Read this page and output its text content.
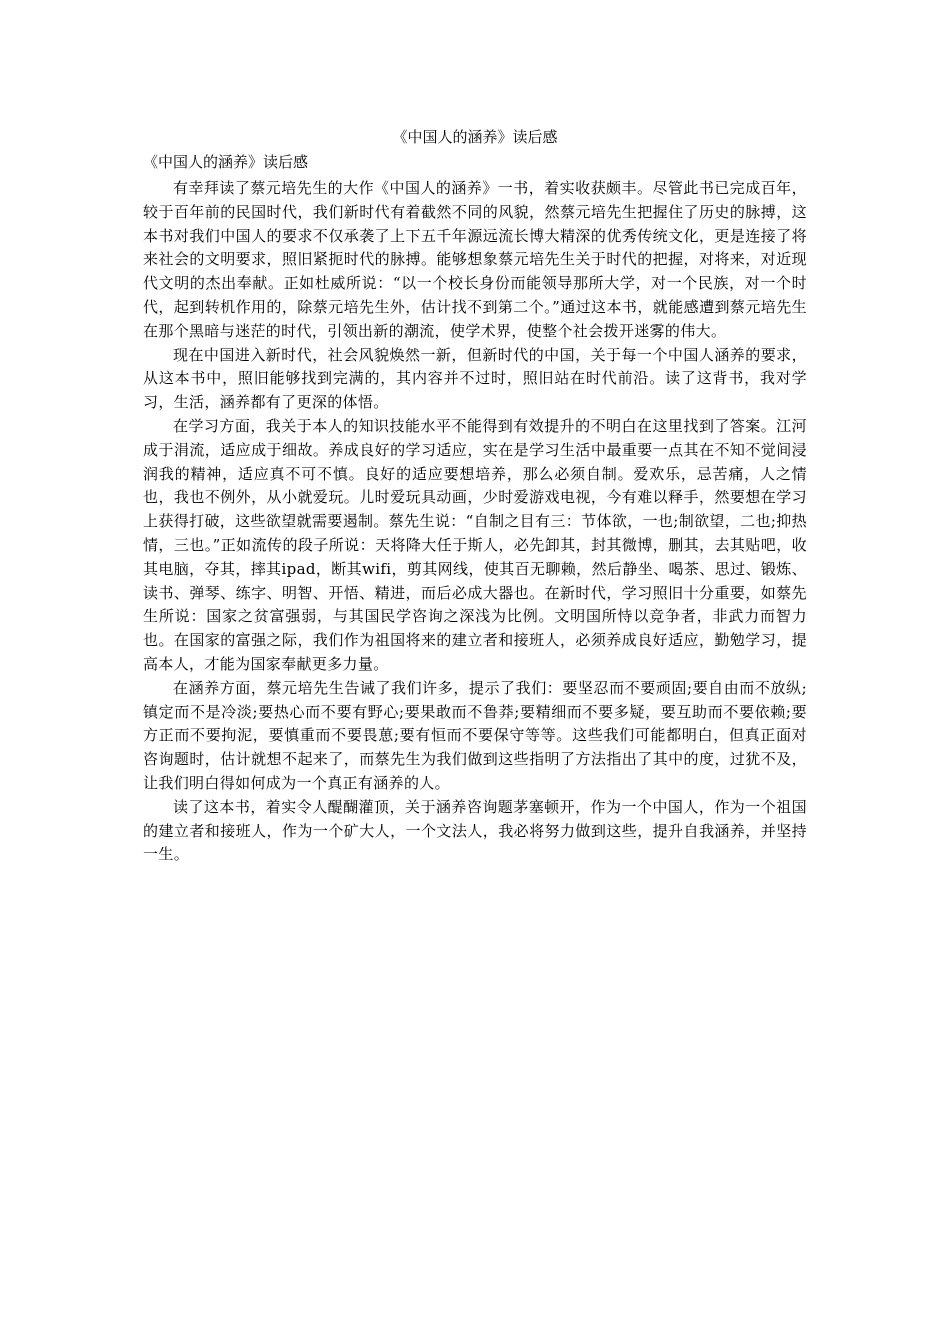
《中国人的涵养》读后感
《中国人的涵养》读后感

有幸拜读了蔡元培先生的大作《中国人的涵养》一书，着实收获颇丰。尽管此书已完成百年，较于百年前的民国时代，我们新时代有着截然不同的风貌，然蔡元培先生把握住了历史的脉搏，这本书对我们中国人的要求不仅承袭了上下五千年源远流长博大精深的优秀传统文化，更是连接了将来社会的文明要求，照旧紧扼时代的脉搏。能够想象蔡元培先生关于时代的把握，对将来，对近现代文明的杰出奉献。正如杜威所说：“以一个校长身份而能领导那所大学，对一个民族，对一个时代，起到转机作用的，除蔡元培先生外，估计找不到第二个。”通过这本书，就能感遭到蔡元培先生在那个黑暗与迷茫的时代，引领出新的潮流，使学术界，使整个社会拨开迷雾的伟大。

现在中国进入新时代，社会风貌焕然一新，但新时代的中国，关于每一个中国人涵养的要求，从这本书中，照旧能够找到完满的，其内容并不过时，照旧站在时代前沿。读了这背书，我对学习，生活，涵养都有了更深的体悟。

在学习方面，我关于本人的知识技能水平不能得到有效提升的不明白在这里找到了答案。江河成于涓流，适应成于细故。养成良好的学习适应，实在是学习生活中最重要一点其在不知不觉间浸润我的精神，适应真不可不慎。良好的适应要想培养，那么必须自制。爱欢乐，忌苦痛，人之情也，我也不例外，从小就爱玩。儿时爱玩具动画，少时爱游戏电视，今有难以释手，然要想在学习上获得打破，这些欲望就需要遏制。蔡先生说：“自制之目有三：节体欲，一也;制欲望，二也;抑热情，三也。”正如流传的段子所说：天将降大任于斯人，必先卸其，封其微博，删其，去其贴吧，收其电脑，夺其，摔其ipad，断其wifi，剪其网线，使其百无聊赖，然后静坐、喝茶、思过、锻炼、读书、弹琴、练字、明智、开悟、精进，而后必成大器也。在新时代，学习照旧十分重要，如蔡先生所说：国家之贫富强弱，与其国民学咨询之深浅为比例。文明国所恃以竞争者，非武力而智力也。在国家的富强之际，我们作为祖国将来的建立者和接班人，必须养成良好适应，勤勉学习，提高本人，才能为国家奉献更多力量。

在涵养方面，蔡元培先生告诫了我们许多，提示了我们：要坚忍而不要顽固;要自由而不放纵;镇定而不是冷淡;要热心而不要有野心;要果敢而不鲁莽;要精细而不要多疑，要互助而不要依赖;要方正而不要拘泥，要慎重而不要畏葸;要有恒而不要保守等等。这些我们可能都明白，但真正面对咨询题时，估计就想不起来了，而蔡先生为我们做到这些指明了方法指出了其中的度，过犹不及，让我们明白得如何成为一个真正有涵养的人。

读了这本书，着实令人醍醐灌顶，关于涵养咨询题茅塞顿开，作为一个中国人，作为一个祖国的建立者和接班人，作为一个矿大人，一个文法人，我必将努力做到这些，提升自我涵养，并坚持一生。
